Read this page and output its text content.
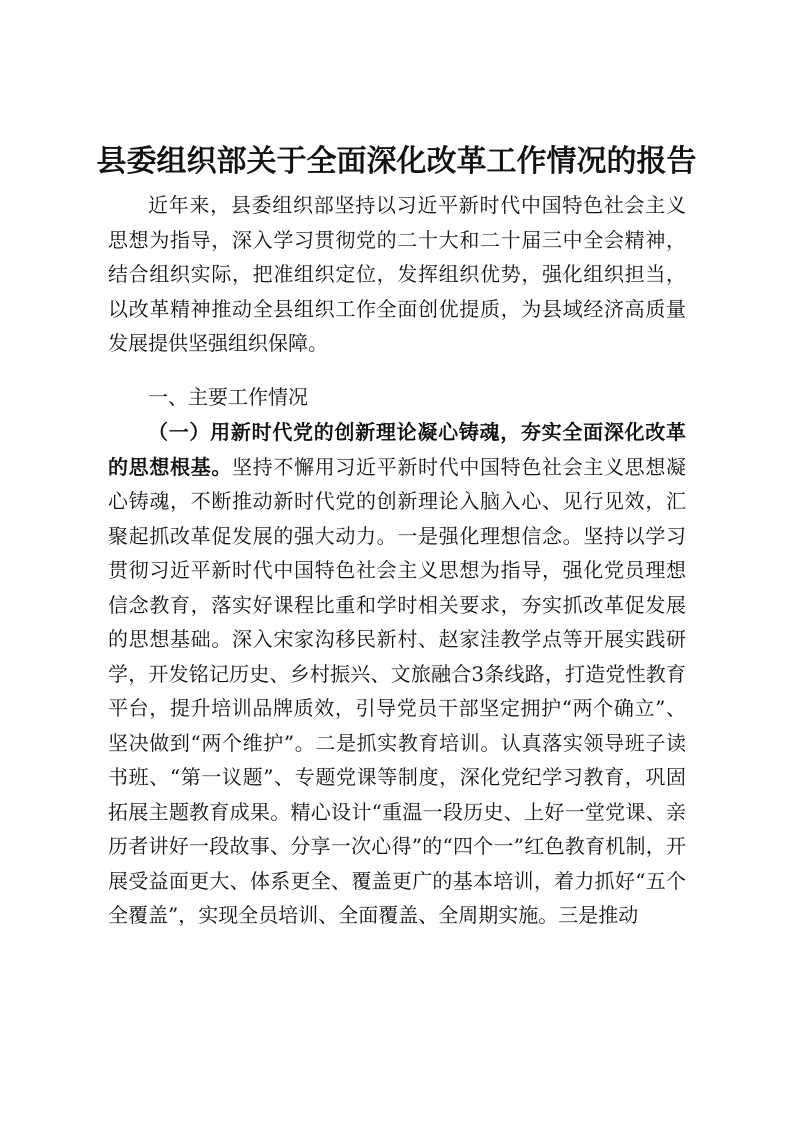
县委组织部关于全面深化改革工作情况的报告

近年来，县委组织部坚持以习近平新时代中国特色社会主义思想为指导，深入学习贯彻党的二十大和二十届三中全会精神，结合组织实际，把准组织定位，发挥组织优势，强化组织担当，以改革精神推动全县组织工作全面创优提质，为县域经济高质量发展提供坚强组织保障。

一、主要工作情况

（一）用新时代党的创新理论凝心铸魂，夯实全面深化改革的思想根基。坚持不懈用习近平新时代中国特色社会主义思想凝心铸魂，不断推动新时代党的创新理论入脑入心、见行见效，汇聚起抓改革促发展的强大动力。一是强化理想信念。坚持以学习贯彻习近平新时代中国特色社会主义思想为指导，强化党员理想信念教育，落实好课程比重和学时相关要求，夯实抓改革促发展的思想基础。深入宋家沟移民新村、赵家洼教学点等开展实践研学，开发铭记历史、乡村振兴、文旅融合3条线路，打造党性教育平台，提升培训品牌质效，引导党员干部坚定拥护“两个确立”、坚决做到“两个维护”。二是抓实教育培训。认真落实领导班子读书班、“第一议题”、专题党课等制度，深化党纪学习教育，巩固拓展主题教育成果。精心设计“重温一段历史、上好一堂党课、亲历者讲好一段故事、分享一次心得”的“四个一”红色教育机制，开展受益面更大、体系更全、覆盖更广的基本培训，着力抓好“五个全覆盖”，实现全员培训、全面覆盖、全周期实施。三是推动
